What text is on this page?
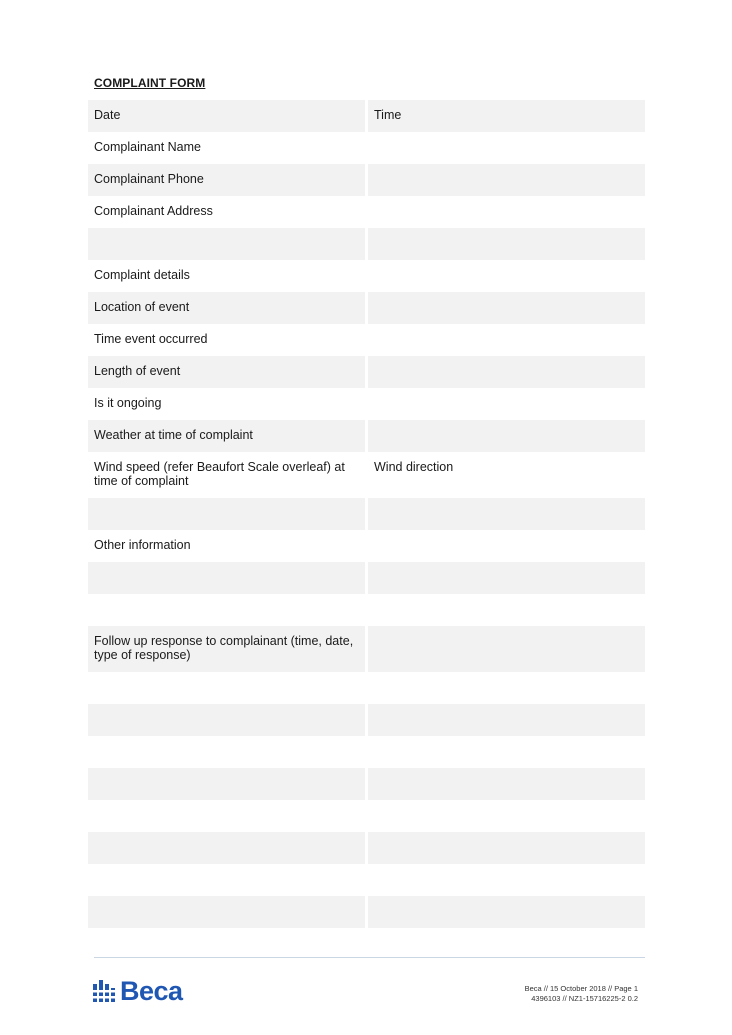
COMPLAINT FORM
Date	Time
Complainant Name
Complainant Phone
Complainant Address
Complaint details
Location of event
Time event occurred
Length of event
Is it ongoing
Weather at time of complaint
Wind speed (refer Beaufort Scale overleaf) at time of complaint
Wind direction
Other information
Follow up response to complainant (time, date, type of response)
Beca	Beca // 15 October 2018 // Page 1
4396103 // NZ1-15716225-2 0.2
